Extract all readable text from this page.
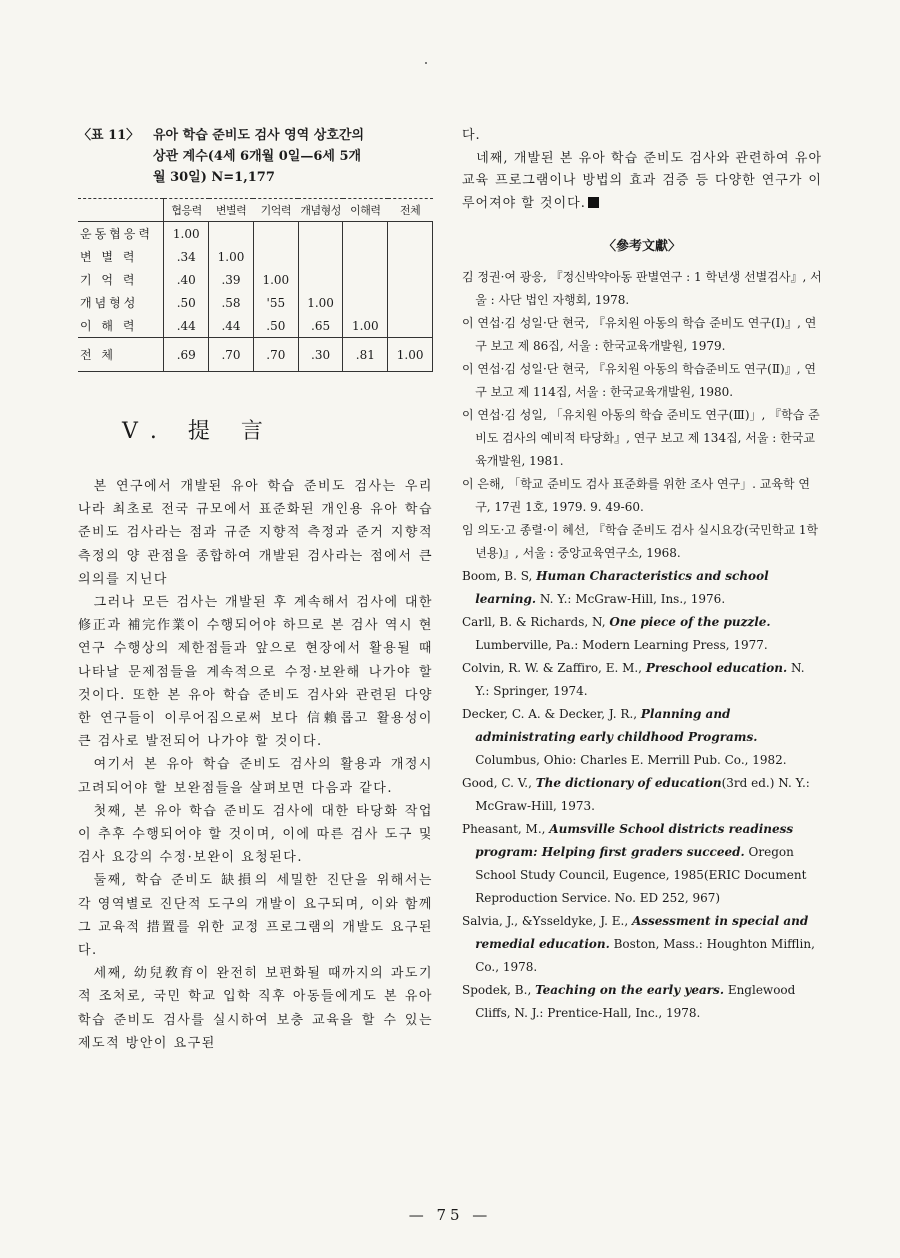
〈표 11〉	유아 학습 준비도 검사 영역 상호간의
상관 계수(4세 6개월 0일—6세 5개
월 30일) N=1,177
	협응력	변별력	기억력	개념형성	이해력	전체
운동협응력	1.00					
변 별 력	.34	1.00				
기 억 력	.40	.39	1.00			
개념형성	.50	.58	'55	1.00		
이 해 력	.44	.44	.50	.65	1.00	
전 체	.69	.70	.70	.30	.81	1.00
Ⅴ. 提 言

본 연구에서 개발된 유아 학습 준비도 검사는 우리 나라 최초로 전국 규모에서 표준화된 개인용 유아 학습 준비도 검사라는 점과 규준 지향적 측정과 준거 지향적 측정의 양 관점을 종합하여 개발된 검사라는 점에서 큰 의의를 지닌다

그러나 모든 검사는 개발된 후 계속해서 검사에 대한 修正과 補完作業이 수행되어야 하므로 본 검사 역시 현 연구 수행상의 제한점들과 앞으로 현장에서 활용될 때 나타날 문제점들을 계속적으로 수정·보완해 나가야 할 것이다. 또한 본 유아 학습 준비도 검사와 관련된 다양한 연구들이 이루어짐으로써 보다 信賴롭고 활용성이 큰 검사로 발전되어 나가야 할 것이다.

여기서 본 유아 학습 준비도 검사의 활용과 개정시 고려되어야 할 보완점들을 살펴보면 다음과 같다.

첫째, 본 유아 학습 준비도 검사에 대한 타당화 작업이 추후 수행되어야 할 것이며, 이에 따른 검사 도구 및 검사 요강의 수정·보완이 요청된다.

둘째, 학습 준비도 缺損의 세밀한 진단을 위해서는 각 영역별로 진단적 도구의 개발이 요구되며, 이와 함께 그 교육적 措置를 위한 교정 프로그램의 개발도 요구된다.

세째, 幼兒敎育이 완전히 보편화될 때까지의 과도기적 조처로, 국민 학교 입학 직후 아동들에게도 본 유아 학습 준비도 검사를 실시하여 보충 교육을 할 수 있는 제도적 방안이 요구된

다.

네째, 개발된 본 유아 학습 준비도 검사와 관련하여 유아 교육 프로그램이나 방법의 효과 검증 등 다양한 연구가 이루어져야 할 것이다.

〈參考文獻〉

김 정권·여 광응, 『정신박약아동 판별연구 : 1 학년생 선별검사』, 서울 : 사단 법인 자행회, 1978.

이 연섭·김 성일·단 현국, 『유치원 아동의 학습 준비도 연구(Ⅰ)』, 연구 보고 제 86집, 서울 : 한국교육개발원, 1979.

이 연섭·김 성일·단 현국, 『유치원 아동의 학습준비도 연구(Ⅱ)』, 연구 보고 제 114집, 서울 : 한국교육개발원, 1980.

이 연섭·김 성일, 「유치원 아동의 학습 준비도 연구(Ⅲ)」, 『학습 준비도 검사의 예비적 타당화』, 연구 보고 제 134집, 서울 : 한국교육개발원, 1981.

이 은해, 「학교 준비도 검사 표준화를 위한 조사 연구」. 교육학 연구, 17권 1호, 1979. 9. 49-60.

임 의도·고 종렬·이 혜선, 『학습 준비도 검사 실시요강(국민학교 1학년용)』, 서울 : 중앙교육연구소, 1968.

Boom, B. S, Human Characteristics and school learning. N. Y.: McGraw-Hill, Ins., 1976.

Carll, B. & Richards, N, One piece of the puzzle. Lumberville, Pa.: Modern Learning Press, 1977.

Colvin, R. W. & Zaffiro, E. M., Preschool education. N. Y.: Springer, 1974.

Decker, C. A. & Decker, J. R., Planning and administrating early childhood Programs. Columbus, Ohio: Charles E. Merrill Pub. Co., 1982.

Good, C. V., The dictionary of education(3rd ed.) N. Y.: McGraw-Hill, 1973.

Pheasant, M., Aumsville School districts readiness program: Helping first graders succeed. Oregon School Study Council, Eugence, 1985(ERIC Document Reproduction Service. No. ED 252, 967)

Salvia, J., &Ysseldyke, J. E., Assessment in special and remedial education. Boston, Mass.: Houghton Mifflin, Co., 1978.

Spodek, B., Teaching on the early years. Englewood Cliffs, N. J.: Prentice-Hall, Inc., 1978.

— 75 —
